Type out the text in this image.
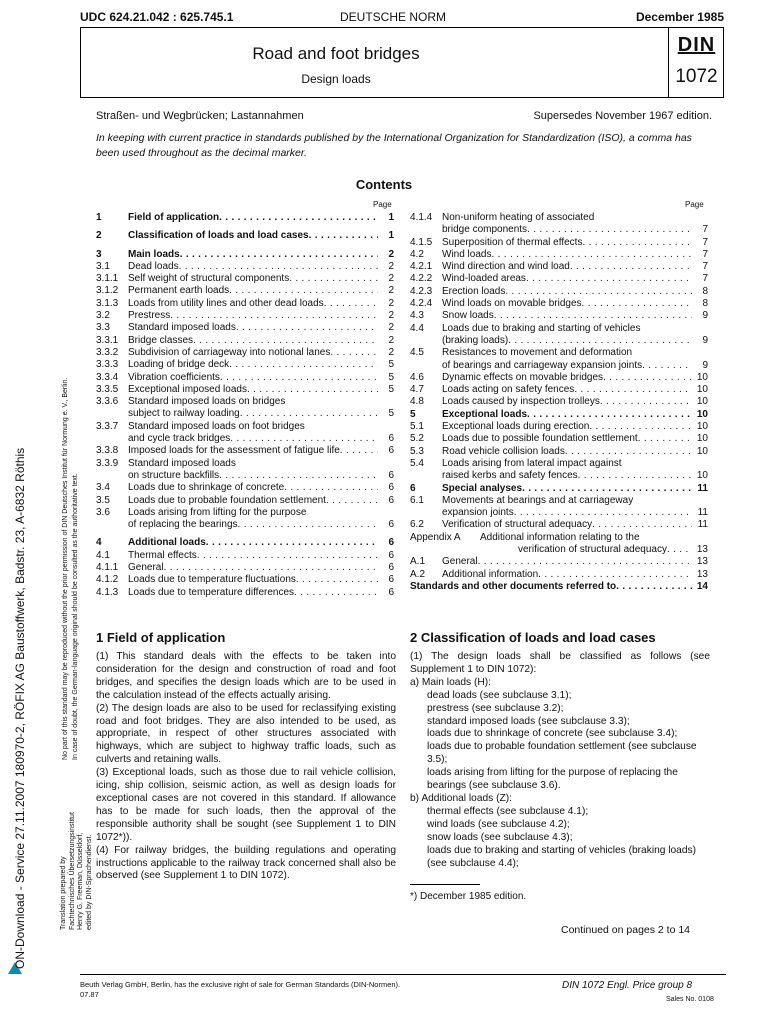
UDC 624.21.042 : 625.745.1	DEUTSCHE NORM	December 1985
Road and foot bridges
Design loads
DIN
1072
Straßen- und Wegbrücken; Lastannahmen	Supersedes November 1967 edition.
In keeping with current practice in standards published by the International Organization for Standardization (ISO), a comma has been used throughout as the decimal marker.
Contents
Page	Page
1	Field of application . . .	1
2	Classification of loads and load cases . . .	1
3	Main loads . . .	2
3.1	Dead loads . . .	2
3.1.1 Self weight of structural components . . .	2
3.1.2 Permanent earth loads . . .	2
3.1.3 Loads from utility lines and other dead loads . . .	2
3.2	Prestress . . .	2
3.3	Standard imposed loads . . .	2
3.3.1 Bridge classes . . .	2
3.3.2 Subdivision of carriageway into notional lanes . . .	2
3.3.3 Loading of bridge deck . . .	5
3.3.4 Vibration coefficients . . .	5
3.3.5 Exceptional imposed loads . . .	5
3.3.6 Standard imposed loads on bridges
subject to railway loading . . .	5
3.3.7 Standard imposed loads on foot bridges
and cycle track bridges . . .	6
3.3.8 Imposed loads for the assessment of fatigue life . . .	6
3.3.9 Standard imposed loads
on structure backfills . . .	6
3.4	Loads due to shrinkage of concrete . . .	6
3.5	Loads due to probable foundation settlement . . .	6
3.6	Loads arising from lifting for the purpose
of replacing the bearings . . .	6
4	Additional loads . . .	6
4.1	Thermal effects . . .	6
4.1.1 General . . .	6
4.1.2 Loads due to temperature fluctuations . . .	6
4.1.3 Loads due to temperature differences . . .	6
4.1.4 Non-uniform heating of associated
bridge components . . .	7
4.1.5 Superposition of thermal effects . . .	7
4.2	Wind loads . . .	7
4.2.1 Wind direction and wind load . . .	7
4.2.2 Wind-loaded areas . . .	7
4.2.3 Erection loads . . .	8
4.2.4 Wind loads on movable bridges . . .	8
4.3	Snow loads . . .	9
4.4	Loads due to braking and starting of vehicles
(braking loads) . . .	9
4.5	Resistances to movement and deformation
of bearings and carriageway expansion joints . . .	9
4.6	Dynamic effects on movable bridges . . .	10
4.7	Loads acting on safety fences . . .	10
4.8	Loads caused by inspection trolleys . . .	10
5	Exceptional loads . . .	10
5.1	Exceptional loads during erection . . .	10
5.2	Loads due to possible foundation settlement . . .	10
5.3	Road vehicle collision loads . . .	10
5.4	Loads arising from lateral impact against
raised kerbs and safety fences . . .	10
6	Special analyses . . .	11
6.1	Movements at bearings and at carriageway
expansion joints . . .	11
6.2	Verification of structural adequacy . . .	11
Appendix A	Additional information relating to the
verification of structural adequacy . . .	13
A.1	General . . .	13
A.2	Additional information . . .	13
Standards and other documents referred to . . .	14
1 Field of application

(1) This standard deals with the effects to be taken into consideration for the design and construction of road and foot bridges, and specifies the design loads which are to be used in the calculation instead of the effects actually arising.

(2) The design loads are also to be used for reclassifying existing road and foot bridges. They are also intended to be used, as appropriate, in respect of other structures associated with highways, which are subject to highway traffic loads, such as culverts and retaining walls.

(3) Exceptional loads, such as those due to rail vehicle collision, icing, ship collision, seismic action, as well as design loads for exceptional cases are not covered in this standard. If allowance has to be made for such loads, then the approval of the responsible authority shall be sought (see Supplement 1 to DIN 1072*)).

(4) For railway bridges, the building regulations and operating instructions applicable to the railway track concerned shall also be observed (see Supplement 1 to DIN 1072).

2 Classification of loads and load cases

(1) The design loads shall be classified as follows (see Supplement 1 to DIN 1072):

a) Main loads (H):
dead loads (see subclause 3.1);
prestress (see subclause 3.2);
standard imposed loads (see subclause 3.3);
loads due to shrinkage of concrete (see subclause 3.4);
loads due to probable foundation settlement (see subclause 3.5);
loads arising from lifting for the purpose of replacing the bearings (see subclause 3.6).
b) Additional loads (Z):
thermal effects (see subclause 4.1);
wind loads (see subclause 4.2);
snow loads (see subclause 4.3);
loads due to braking and starting of vehicles (braking loads) (see subclause 4.4);
*) December 1985 edition.
Continued on pages 2 to 14
Beuth Verlag GmbH, Berlin, has the exclusive right of sale for German Standards (DIN-Normen).
07.87
DIN 1072 Engl. Price group 8
Sales No. 0108
ON-Download - Service 27.11.2007 180970-2, RÖFIX AG Baustoffwerk, Badstr. 23, A-6832 Röthis	No part of this standard may be reproduced without the prior permission of DIN Deutsches Institut für Normung e. V., Berlin. In case of doubt, the German-language original should be consulted as the authoritative text.
Translation prepared by Fachtechnisches Übersetzungsinstitut Henry G. Freeman, Düsseldorf, edited by DIN-Sprachendienst.
